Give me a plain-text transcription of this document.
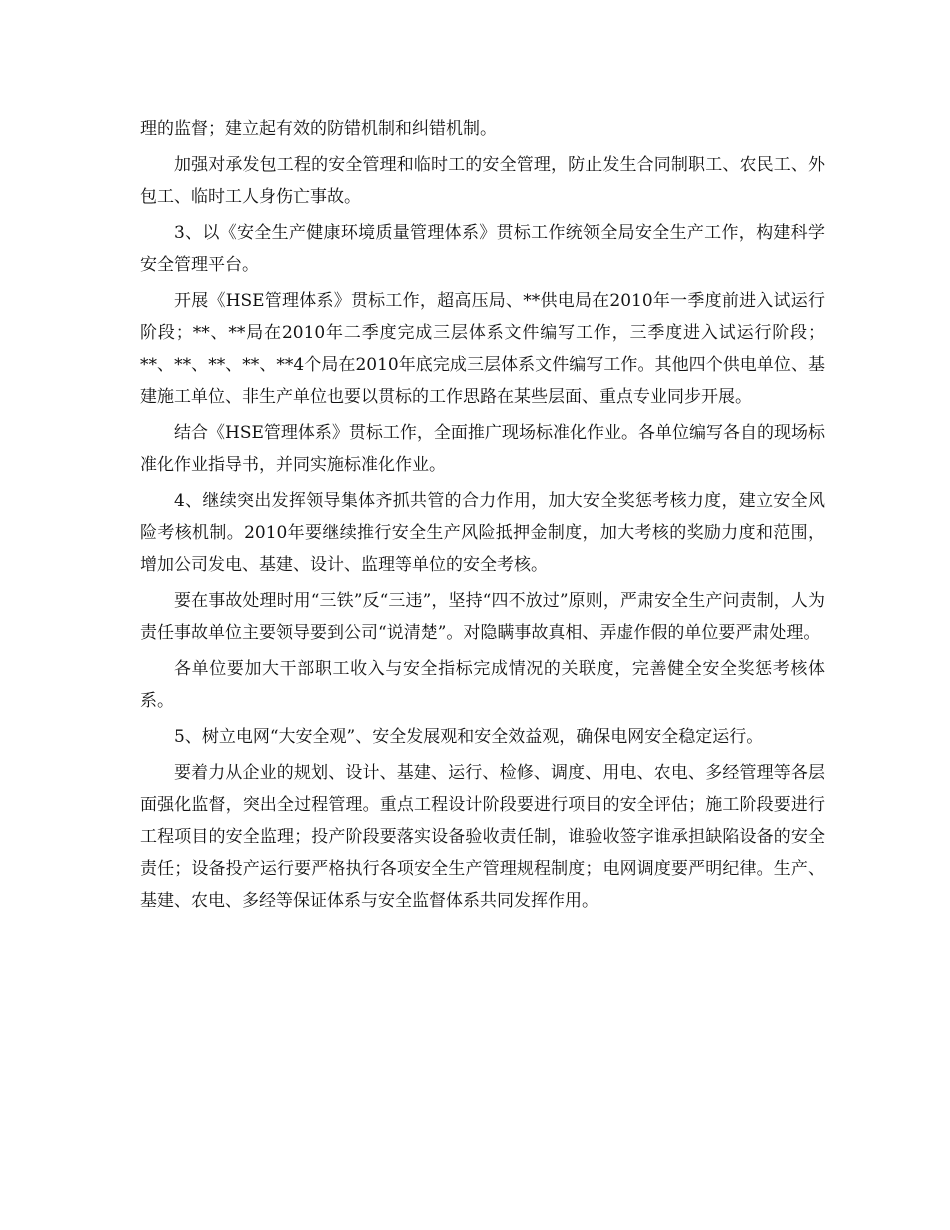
理的监督；建立起有效的防错机制和纠错机制。

加强对承发包工程的安全管理和临时工的安全管理，防止发生合同制职工、农民工、外包工、临时工人身伤亡事故。

3、以《安全生产健康环境质量管理体系》贯标工作统领全局安全生产工作，构建科学安全管理平台。

开展《HSE管理体系》贯标工作，超高压局、**供电局在2010年一季度前进入试运行阶段；**、**局在2010年二季度完成三层体系文件编写工作，三季度进入试运行阶段；**、**、**、**、**4个局在2010年底完成三层体系文件编写工作。其他四个供电单位、基建施工单位、非生产单位也要以贯标的工作思路在某些层面、重点专业同步开展。

结合《HSE管理体系》贯标工作，全面推广现场标准化作业。各单位编写各自的现场标准化作业指导书，并同实施标准化作业。

4、继续突出发挥领导集体齐抓共管的合力作用，加大安全奖惩考核力度，建立安全风险考核机制。2010年要继续推行安全生产风险抵押金制度，加大考核的奖励力度和范围，增加公司发电、基建、设计、监理等单位的安全考核。

要在事故处理时用“三铁”反“三违”，坚持“四不放过”原则，严肃安全生产问责制，人为责任事故单位主要领导要到公司“说清楚”。对隐瞒事故真相、弄虚作假的单位要严肃处理。

各单位要加大干部职工收入与安全指标完成情况的关联度，完善健全安全奖惩考核体系。

5、树立电网“大安全观”、安全发展观和安全效益观，确保电网安全稳定运行。

要着力从企业的规划、设计、基建、运行、检修、调度、用电、农电、多经管理等各层面强化监督，突出全过程管理。重点工程设计阶段要进行项目的安全评估；施工阶段要进行工程项目的安全监理；投产阶段要落实设备验收责任制，谁验收签字谁承担缺陷设备的安全责任；设备投产运行要严格执行各项安全生产管理规程制度；电网调度要严明纪律。生产、基建、农电、多经等保证体系与安全监督体系共同发挥作用。
